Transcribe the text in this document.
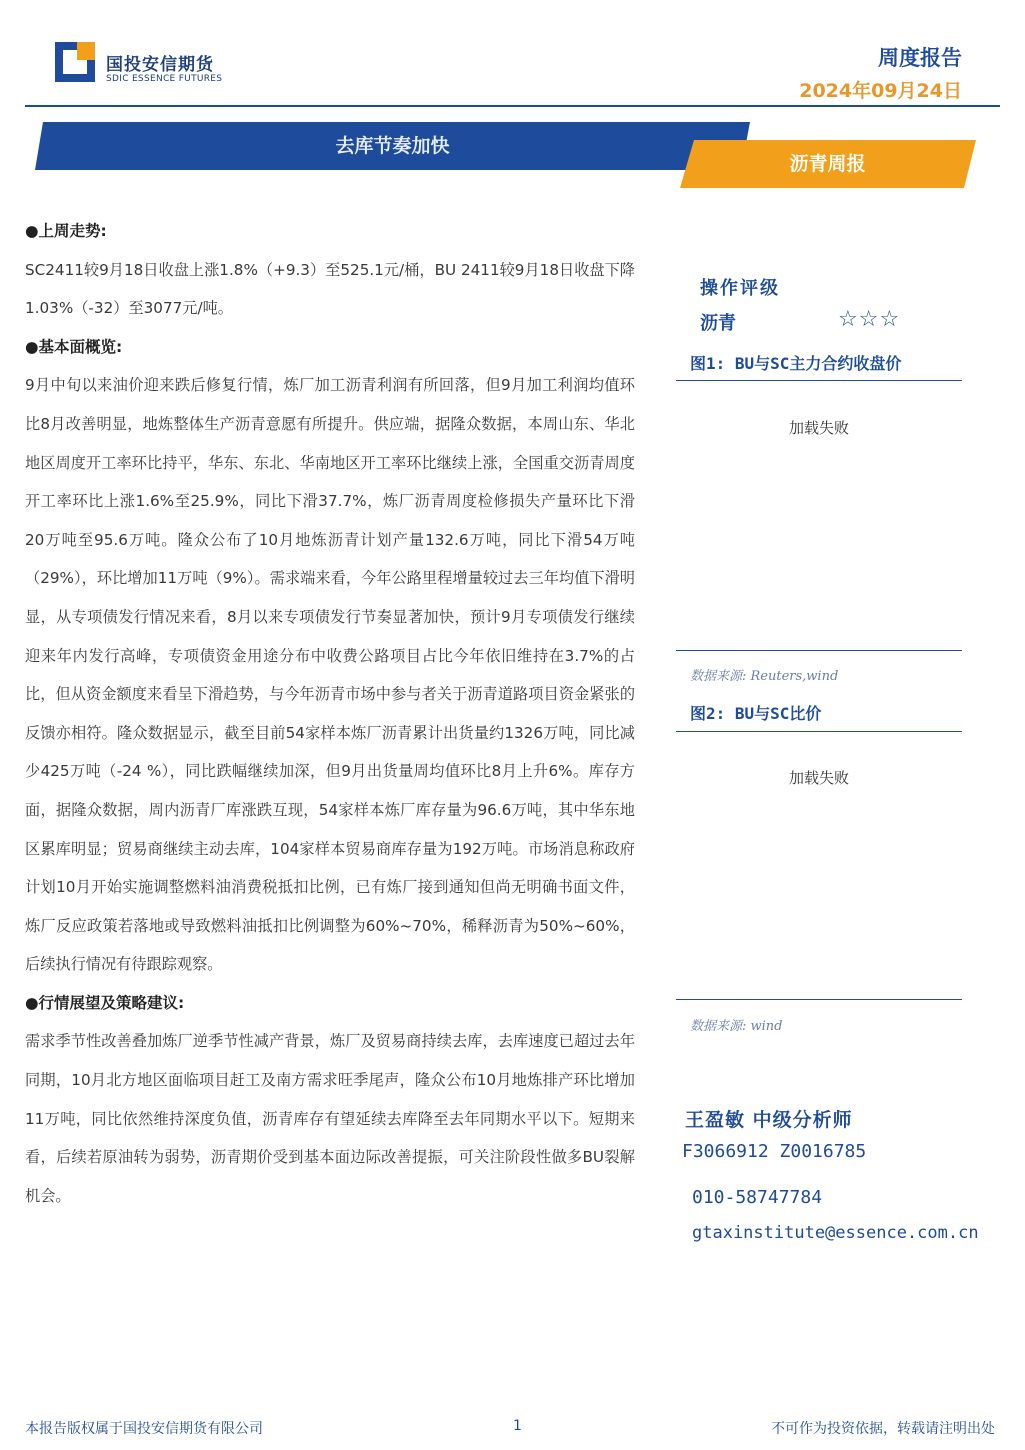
国投安信期货
SDIC ESSENCE FUTURES
周度报告
2024年09月24日
去库节奏加快
沥青周报
●上周走势:

SC2411较9月18日收盘上涨1.8%（+9.3）至525.1元/桶，BU 2411较9月18日收盘下降1.03%（-32）至3077元/吨。

●基本面概览:

9月中旬以来油价迎来跌后修复行情，炼厂加工沥青利润有所回落，但9月加工利润均值环比8月改善明显，地炼整体生产沥青意愿有所提升。供应端，据隆众数据，本周山东、华北地区周度开工率环比持平，华东、东北、华南地区开工率环比继续上涨，全国重交沥青周度开工率环比上涨1.6%至25.9%，同比下滑37.7%，炼厂沥青周度检修损失产量环比下滑20万吨至95.6万吨。隆众公布了10月地炼沥青计划产量132.6万吨，同比下滑54万吨（29%），环比增加11万吨（9%）。需求端来看，今年公路里程增量较过去三年均值下滑明显，从专项债发行情况来看，8月以来专项债发行节奏显著加快，预计9月专项债发行继续迎来年内发行高峰，专项债资金用途分布中收费公路项目占比今年依旧维持在3.7%的占比，但从资金额度来看呈下滑趋势，与今年沥青市场中参与者关于沥青道路项目资金紧张的反馈亦相符。隆众数据显示，截至目前54家样本炼厂沥青累计出货量约1326万吨，同比减少425万吨（-24 %），同比跌幅继续加深，但9月出货量周均值环比8月上升6%。库存方面，据隆众数据，周内沥青厂库涨跌互现，54家样本炼厂库存量为96.6万吨，其中华东地区累库明显；贸易商继续主动去库，104家样本贸易商库存量为192万吨。市场消息称政府计划10月开始实施调整燃料油消费税抵扣比例，已有炼厂接到通知但尚无明确书面文件，炼厂反应政策若落地或导致燃料油抵扣比例调整为60%~70%，稀释沥青为50%~60%，后续执行情况有待跟踪观察。

●行情展望及策略建议:

需求季节性改善叠加炼厂逆季节性减产背景，炼厂及贸易商持续去库，去库速度已超过去年同期，10月北方地区面临项目赶工及南方需求旺季尾声，隆众公布10月地炼排产环比增加11万吨，同比依然维持深度负值，沥青库存有望延续去库降至去年同期水平以下。短期来看，后续若原油转为弱势，沥青期价受到基本面边际改善提振，可关注阶段性做多BU裂解机会。

操作评级
沥青	☆☆☆
图1: BU与SC主力合约收盘价
加载失败
数据来源: Reuters,wind
图2: BU与SC比价
加载失败
数据来源: wind
王盈敏 中级分析师
F3066912 Z0016785
010-58747784
gtaxinstitute@essence.com.cn
本报告版权属于国投安信期货有限公司	1	不可作为投资依据，转载请注明出处
